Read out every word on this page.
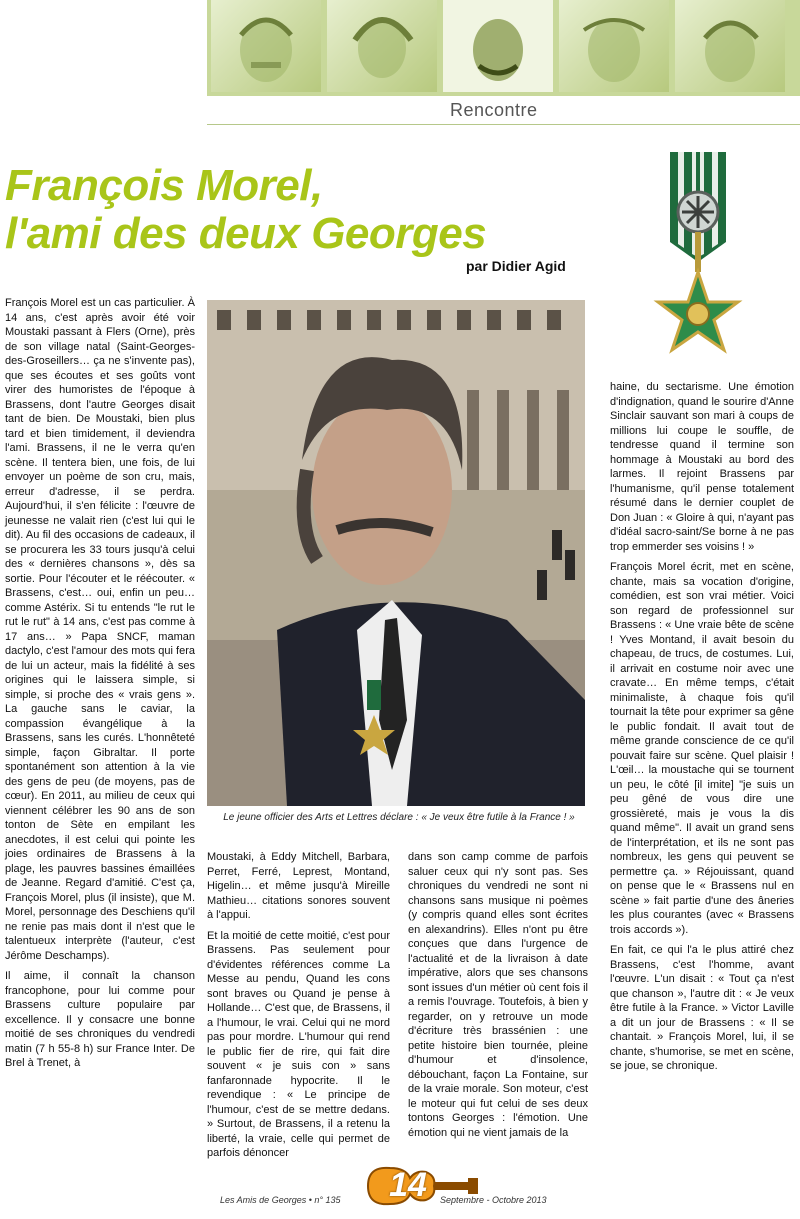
Rencontre
François Morel,
l'ami des deux Georges
par Didier Agid
Le jeune officier des Arts et Lettres déclare : « Je veux être futile à la France ! »

François Morel est un cas particulier. À 14 ans, c'est après avoir été voir Moustaki passant à Flers (Orne), près de son village natal (Saint-Georges-des-Groseillers… ça ne s'invente pas), que ses écoutes et ses goûts vont virer des humoristes de l'époque à Brassens, dont l'autre Georges disait tant de bien. De Moustaki, bien plus tard et bien timidement, il deviendra l'ami. Brassens, il ne le verra qu'en scène. Il tentera bien, une fois, de lui envoyer un poème de son cru, mais, erreur d'adresse, il se perdra. Aujourd'hui, il s'en félicite : l'œuvre de jeunesse ne valait rien (c'est lui qui le dit). Au fil des occasions de cadeaux, il se procurera les 33 tours jusqu'à celui des « dernières chansons », dès sa sortie. Pour l'écouter et le réécouter. « Brassens, c'est… oui, enfin un peu… comme Astérix. Si tu entends "le rut le rut le rut" à 14 ans, c'est pas comme à 17 ans… » Papa SNCF, maman dactylo, c'est l'amour des mots qui fera de lui un acteur, mais la fidélité à ses origines qui le laissera simple, si simple, si proche des « vrais gens ». La gauche sans le caviar, la compassion évangélique à la Brassens, sans les curés. L'honnêteté simple, façon Gibraltar. Il porte spontanément son attention à la vie des gens de peu (de moyens, pas de cœur). En 2011, au milieu de ceux qui viennent célébrer les 90 ans de son tonton de Sète en empilant les anecdotes, il est celui qui pointe les joies ordinaires de Brassens à la plage, les pauvres bassines émaillées de Jeanne. Regard d'amitié. C'est ça, François Morel, plus (il insiste), que M. Morel, personnage des Deschiens qu'il ne renie pas mais dont il n'est que le talentueux interprète (l'auteur, c'est Jérôme Deschamps).

Il aime, il connaît la chanson francophone, pour lui comme pour Brassens culture populaire par excellence. Il y consacre une bonne moitié de ses chroniques du vendredi matin (7 h 55-8 h) sur France Inter. De Brel à Trenet, à

Moustaki, à Eddy Mitchell, Barbara, Perret, Ferré, Leprest, Montand, Higelin… et même jusqu'à Mireille Mathieu… citations sonores souvent à l'appui.

Et la moitié de cette moitié, c'est pour Brassens. Pas seulement pour d'évidentes références comme La Messe au pendu, Quand les cons sont braves ou Quand je pense à Hollande… C'est que, de Brassens, il a l'humour, le vrai. Celui qui ne mord pas pour mordre. L'humour qui rend le public fier de rire, qui fait dire souvent « je suis con » sans fanfaronnade hypocrite. Il le revendique : « Le principe de l'humour, c'est de se mettre dedans. » Surtout, de Brassens, il a retenu la liberté, la vraie, celle qui permet de parfois dénoncer

dans son camp comme de parfois saluer ceux qui n'y sont pas. Ses chroniques du vendredi ne sont ni chansons sans musique ni poèmes (y compris quand elles sont écrites en alexandrins). Elles n'ont pu être conçues que dans l'urgence de l'actualité et de la livraison à date impérative, alors que ses chansons sont issues d'un métier où cent fois il a remis l'ouvrage. Toutefois, à bien y regarder, on y retrouve un mode d'écriture très brassénien : une petite histoire bien tournée, pleine d'humour et d'insolence, débouchant, façon La Fontaine, sur de la vraie morale. Son moteur, c'est le moteur qui fut celui de ses deux tontons Georges : l'émotion. Une émotion qui ne vient jamais de la

haine, du sectarisme. Une émotion d'indignation, quand le sourire d'Anne Sinclair sauvant son mari à coups de millions lui coupe le souffle, de tendresse quand il termine son hommage à Moustaki au bord des larmes. Il rejoint Brassens par l'humanisme, qu'il pense totalement résumé dans le dernier couplet de Don Juan : « Gloire à qui, n'ayant pas d'idéal sacro-saint/Se borne à ne pas trop emmerder ses voisins ! »

François Morel écrit, met en scène, chante, mais sa vocation d'origine, comédien, est son vrai métier. Voici son regard de professionnel sur Brassens : « Une vraie bête de scène ! Yves Montand, il avait besoin du chapeau, de trucs, de costumes. Lui, il arrivait en costume noir avec une cravate… En même temps, c'était minimaliste, à chaque fois qu'il tournait la tête pour exprimer sa gêne le public fondait. Il avait tout de même grande conscience de ce qu'il pouvait faire sur scène. Quel plaisir ! L'œil… la moustache qui se tournent un peu, le côté [il imite] "je suis un peu gêné de vous dire une grossièreté, mais je vous la dis quand même". Il avait un grand sens de l'interprétation, et ils ne sont pas nombreux, les gens qui peuvent se permettre ça. » Réjouissant, quand on pense que le « Brassens nul en scène » fait partie d'une des âneries les plus courantes (avec « Brassens trois accords »).

En fait, ce qui l'a le plus attiré chez Brassens, c'est l'homme, avant l'œuvre. L'un disait : « Tout ça n'est que chanson », l'autre dit : « Je veux être futile à la France. » Victor Laville a dit un jour de Brassens : « Il se chantait. » François Morel, lui, il se chante, s'humorise, se met en scène, se joue, se chronique.

Les Amis de Georges • n° 135	14	Septembre - Octobre 2013
